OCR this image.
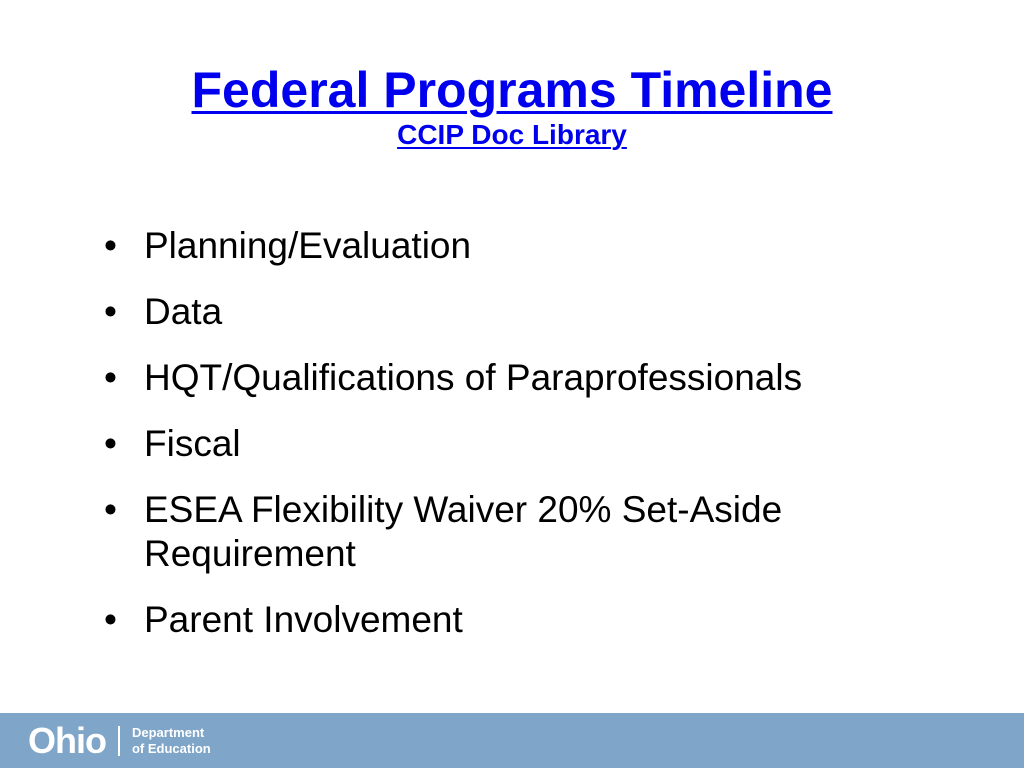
Federal Programs Timeline
CCIP Doc Library
• Planning/Evaluation
• Data
• HQT/Qualifications of Paraprofessionals
• Fiscal
• ESEA Flexibility Waiver 20% Set-Aside Requirement
• Parent Involvement
Ohio Department
of Education
